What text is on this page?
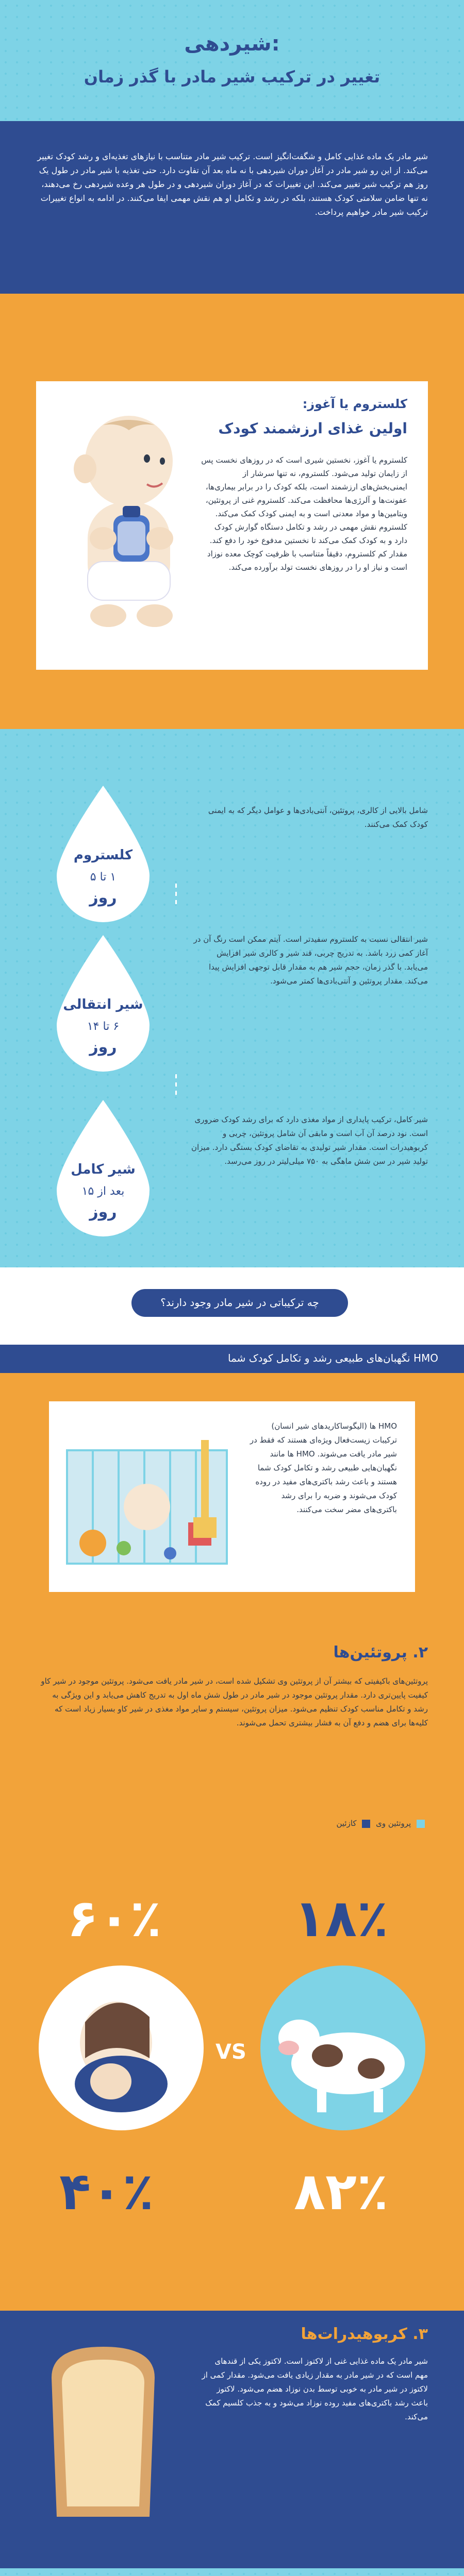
شیردهی:
تغییر در ترکیب شیر مادر با گذر زمان

شیر مادر یک ماده غذایی کامل و شگفت‌انگیز است. ترکیب شیر مادر متناسب با نیازهای تغذیه‌ای و رشد کودک تغییر می‌کند. از این رو شیر مادر در آغاز دوران شیردهی با نه ماه بعد آن تفاوت دارد. حتی تغذیه با شیر مادر در طول یک روز هم ترکیب شیر تغییر می‌کند. این تغییرات که در آغاز دوران شیردهی و در طول هر وعده شیردهی رخ می‌دهند، نه تنها ضامن سلامتی کودک هستند، بلکه در رشد و تکامل او هم نقش مهمی ایفا می‌کنند. در ادامه به انواع تغییرات ترکیب شیر مادر خواهیم پرداخت.

کلستروم یا آغوز:
اولین غذای ارزشمند کودک

کلستروم یا آغوز، نخستین شیری است که در روزهای نخست پس از زایمان تولید می‌شود. کلستروم، نه تنها سرشار از ایمنی‌بخش‌های ارزشمند است، بلکه کودک را در برابر بیماری‌ها، عفونت‌ها و آلرژی‌ها محافظت می‌کند. کلستروم غنی از پروتئین، ویتامین‌ها و مواد معدنی است و به ایمنی کودک کمک می‌کند. کلستروم نقش مهمی در رشد و تکامل دستگاه گوارش کودک دارد و به کودک کمک می‌کند تا نخستین مدفوع خود را دفع کند. مقدار کم کلستروم، دقیقاً متناسب با ظرفیت کوچک معده نوزاد است و نیاز او را در روزهای نخست تولد برآورده می‌کند.

کلستروم
۱ تا ۵
روز

شامل بالایی از کالری، پروتئین، آنتی‌بادی‌ها و عوامل دیگر که به ایمنی کودک کمک می‌کنند.

شیر انتقالی
۶ تا ۱۴
روز

شیر انتقالی نسبت به کلستروم سفیدتر است. آیتم ممکن است رنگ آن در آغاز کمی زرد باشد. به تدریج چربی، قند شیر و کالری شیر افزایش می‌یابد. با گذر زمان، حجم شیر هم به مقدار قابل توجهی افزایش پیدا می‌کند. مقدار پروتئین و آنتی‌بادی‌ها کمتر می‌شود.

شیر کامل
بعد از ۱۵
روز

شیر کامل، ترکیب پایداری از مواد مغذی دارد که برای رشد کودک ضروری است. نود درصد آن آب است و مابقی آن شامل پروتئین، چربی و کربوهیدرات است. مقدار شیر تولیدی به تقاضای کودک بستگی دارد. میزان تولید شیر در سن شش ماهگی به ۷۵۰ میلی‌لیتر در روز می‌رسد.

چه ترکیباتی در شیر مادر وجود دارند؟
HMO نگهبان‌های طبیعی رشد و تکامل کودک شما

HMO ها (الیگوساکاریدهای شیر انسان) ترکیبات زیست‌فعال ویژه‌ای هستند که فقط در شیر مادر یافت می‌شوند. HMO ها مانند نگهبان‌هایی طبیعی رشد و تکامل کودک شما هستند و باعث رشد باکتری‌های مفید در روده کودک می‌شوند و ضربه را برای رشد باکتری‌های مضر سخت می‌کنند.

۲. پروتئین‌ها

پروتئین‌های باکیفیتی که بیشتر آن از پروتئین وی تشکیل شده است، در شیر مادر یافت می‌شود. پروتئین موجود در شیر کاو کیفیت پایین‌تری دارد. مقدار پروتئین موجود در شیر مادر در طول شش ماه اول به تدریج کاهش می‌یابد و این ویژگی به رشد و تکامل مناسب کودک تنظیم می‌شود. میزان پروتئین، سیستم و سایر مواد مغذی در شیر کاو بسیار زیاد است که کلیه‌ها برای هضم و دفع آن به فشار بیشتری تحمل می‌شوند.

پروتئین وی  کازئین
۶۰٪
۴۰٪
VS
۱۸٪
۸۲٪
۳. کربوهیدرات‌ها

شیر مادر یک ماده غذایی غنی از لاکتوز است. لاکتوز یکی از قندهای مهم است که در شیر مادر به مقدار زیادی یافت می‌شود. مقدار کمی از لاکتوز در شیر مادر به خوبی توسط بدن نوزاد هضم می‌شود. لاکتوز باعث رشد باکتری‌های مفید روده نوزاد می‌شود و به جذب کلسیم کمک می‌کند.
